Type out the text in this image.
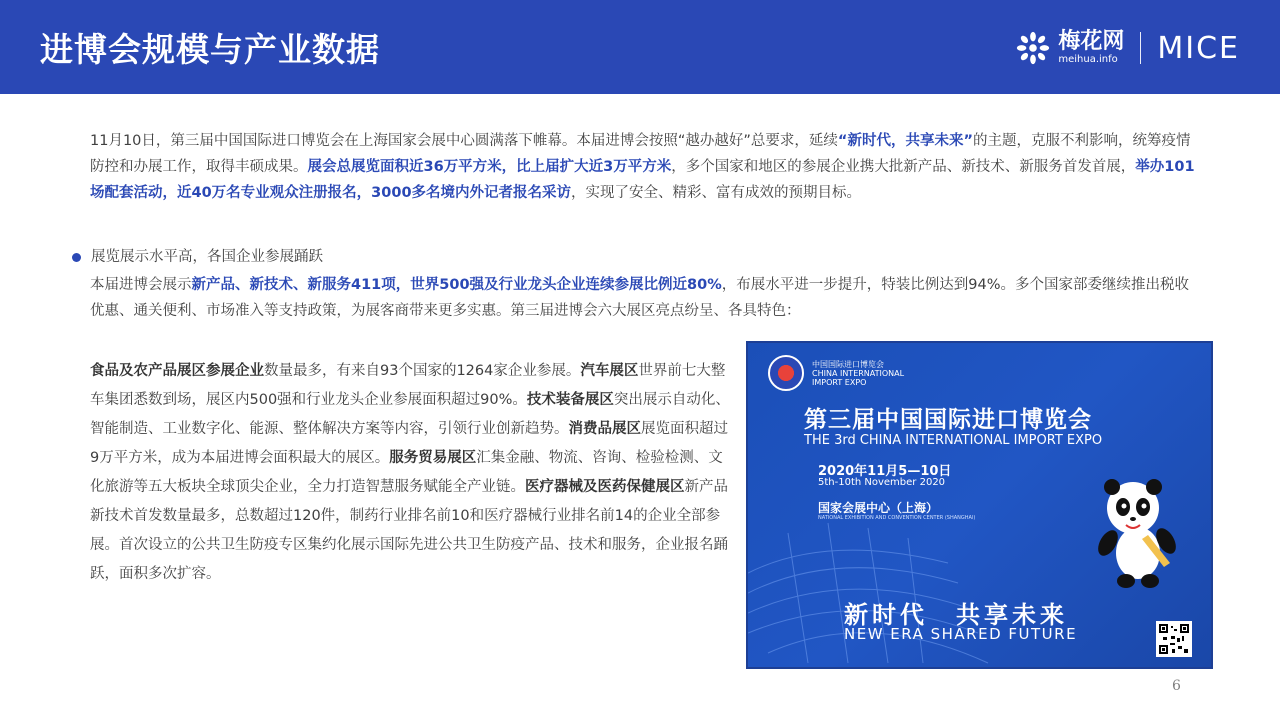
进博会规模与产业数据	梅花网
meihua.info MICE
11月10日，第三届中国国际进口博览会在上海国家会展中心圆满落下帷幕。本届进博会按照“越办越好”总要求，延续“新时代，共享未来”的主题，克服不利影响，统筹疫情防控和办展工作，取得丰硕成果。展会总展览面积近36万平方米，比上届扩大近3万平方米，多个国家和地区的参展企业携大批新产品、新技术、新服务首发首展，举办101场配套活动，近40万名专业观众注册报名，3000多名境内外记者报名采访，实现了安全、精彩、富有成效的预期目标。
展览展示水平高，各国企业参展踊跃
本届进博会展示新产品、新技术、新服务411项，世界500强及行业龙头企业连续参展比例近80%，布展水平进一步提升，特装比例达到94%。多个国家部委继续推出税收优惠、通关便利、市场准入等支持政策，为展客商带来更多实惠。第三届进博会六大展区亮点纷呈、各具特色：
食品及农产品展区参展企业数量最多，有来自93个国家的1264家企业参展。汽车展区世界前七大整车集团悉数到场，展区内500强和行业龙头企业参展面积超过90%。技术装备展区突出展示自动化、智能制造、工业数字化、能源、整体解决方案等内容，引领行业创新趋势。消费品展区展览面积超过9万平方米，成为本届进博会面积最大的展区。服务贸易展区汇集金融、物流、咨询、检验检测、文化旅游等五大板块全球顶尖企业，全力打造智慧服务赋能全产业链。医疗器械及医药保健展区新产品新技术首发数量最多，总数超过120件，制药行业排名前10和医疗器械行业排名前14的企业全部参展。首次设立的公共卫生防疫专区集约化展示国际先进公共卫生防疫产品、技术和服务，企业报名踊跃，面积多次扩容。
中国国际进口博览会
CHINA INTERNATIONAL
IMPORT EXPO
第三届中国国际进口博览会
THE 3rd CHINA INTERNATIONAL IMPORT EXPO
2020年11月5—10日
5th-10th November 2020
国家会展中心（上海）
NATIONAL EXHIBITION AND CONVENTION CENTER (SHANGHAI)
新时代　共享未来
NEW ERA SHARED FUTURE
6
